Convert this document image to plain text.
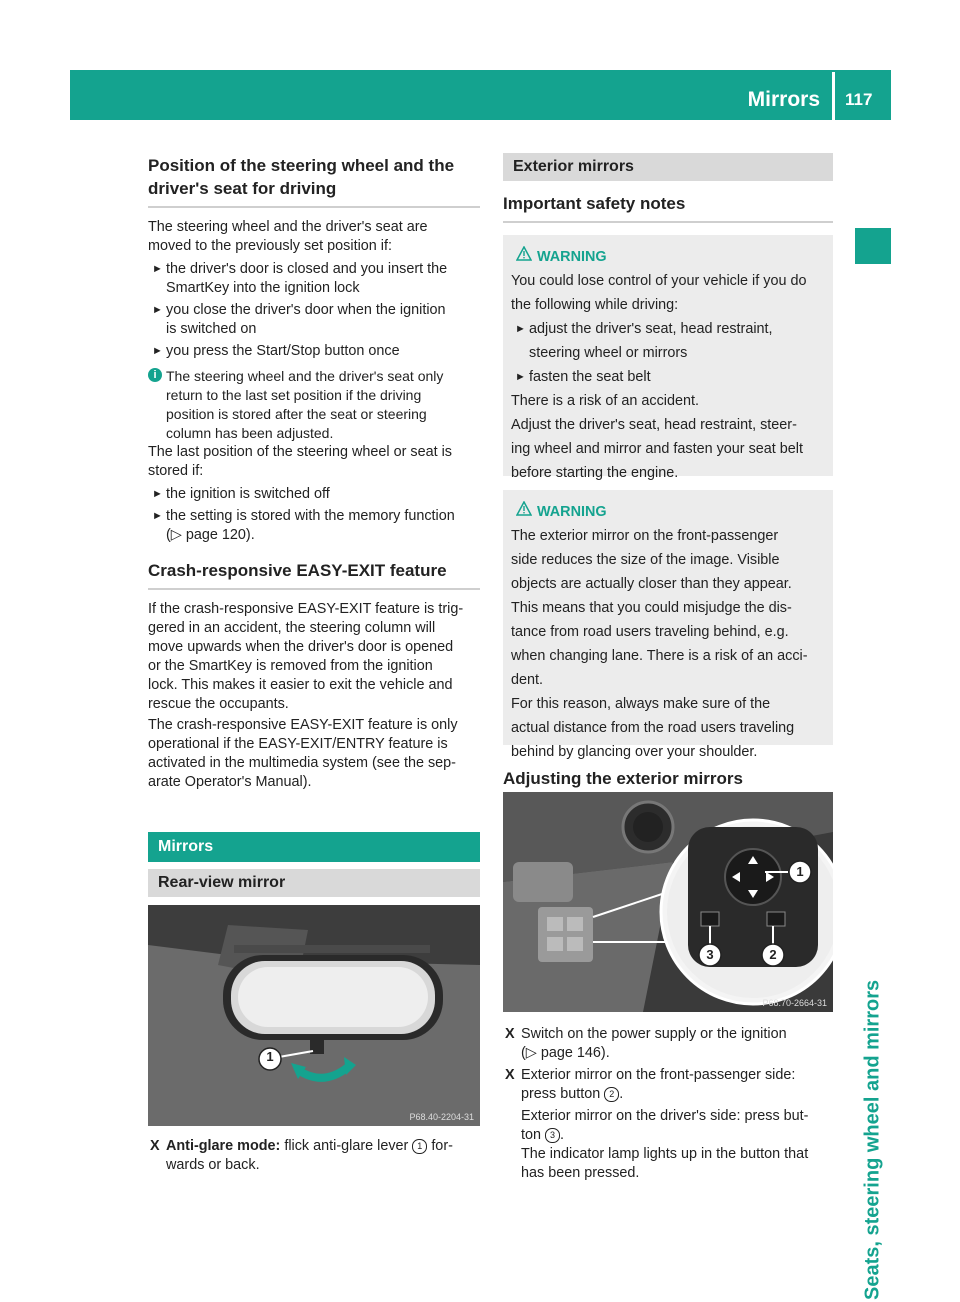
Mirrors 117
Seats, steering wheel and mirrors
Position of the steering wheel and the
driver's seat for driving

The steering wheel and the driver's seat are

moved to the previously set position if:

► the driver's door is closed and you insert the

SmartKey into the ignition lock

► you close the driver's door when the ignition

is switched on

► you press the Start/Stop button once

i The steering wheel and the driver's seat only

return to the last set position if the driving

position is stored after the seat or steering

column has been adjusted.

The last position of the steering wheel or seat is

stored if:

► the ignition is switched off

► the setting is stored with the memory function

(▷ page 120).

Crash-responsive EASY-EXIT feature

If the crash-responsive EASY-EXIT feature is trig-

gered in an accident, the steering column will

move upwards when the driver's door is opened

or the SmartKey is removed from the ignition

lock. This makes it easier to exit the vehicle and

rescue the occupants.

The crash-responsive EASY-EXIT feature is only

operational if the EASY-EXIT/ENTRY feature is

activated in the multimedia system (see the sep-

arate Operator's Manual).

Mirrors
Rear-view mirror
1
P68.40-2204-31
X Anti-glare mode: flick anti-glare lever 1 for-

wards or back.

Exterior mirrors
Important safety notes
WARNING

You could lose control of your vehicle if you do

the following while driving:

► adjust the driver's seat, head restraint,

steering wheel or mirrors

► fasten the seat belt

There is a risk of an accident.

Adjust the driver's seat, head restraint, steer-

ing wheel and mirror and fasten your seat belt

before starting the engine.

WARNING

The exterior mirror on the front-passenger

side reduces the size of the image. Visible

objects are actually closer than they appear.

This means that you could misjudge the dis-

tance from road users traveling behind, e.g.

when changing lane. There is a risk of an acci-

dent.

For this reason, always make sure of the

actual distance from the road users traveling

behind by glancing over your shoulder.

Adjusting the exterior mirrors
1
2
3
P68.70-2664-31
X Switch on the power supply or the ignition

(▷ page 146).

X Exterior mirror on the front-passenger side:

press button 2 .

Exterior mirror on the driver's side: press but-

ton 3 .

The indicator lamp lights up in the button that

has been pressed.
